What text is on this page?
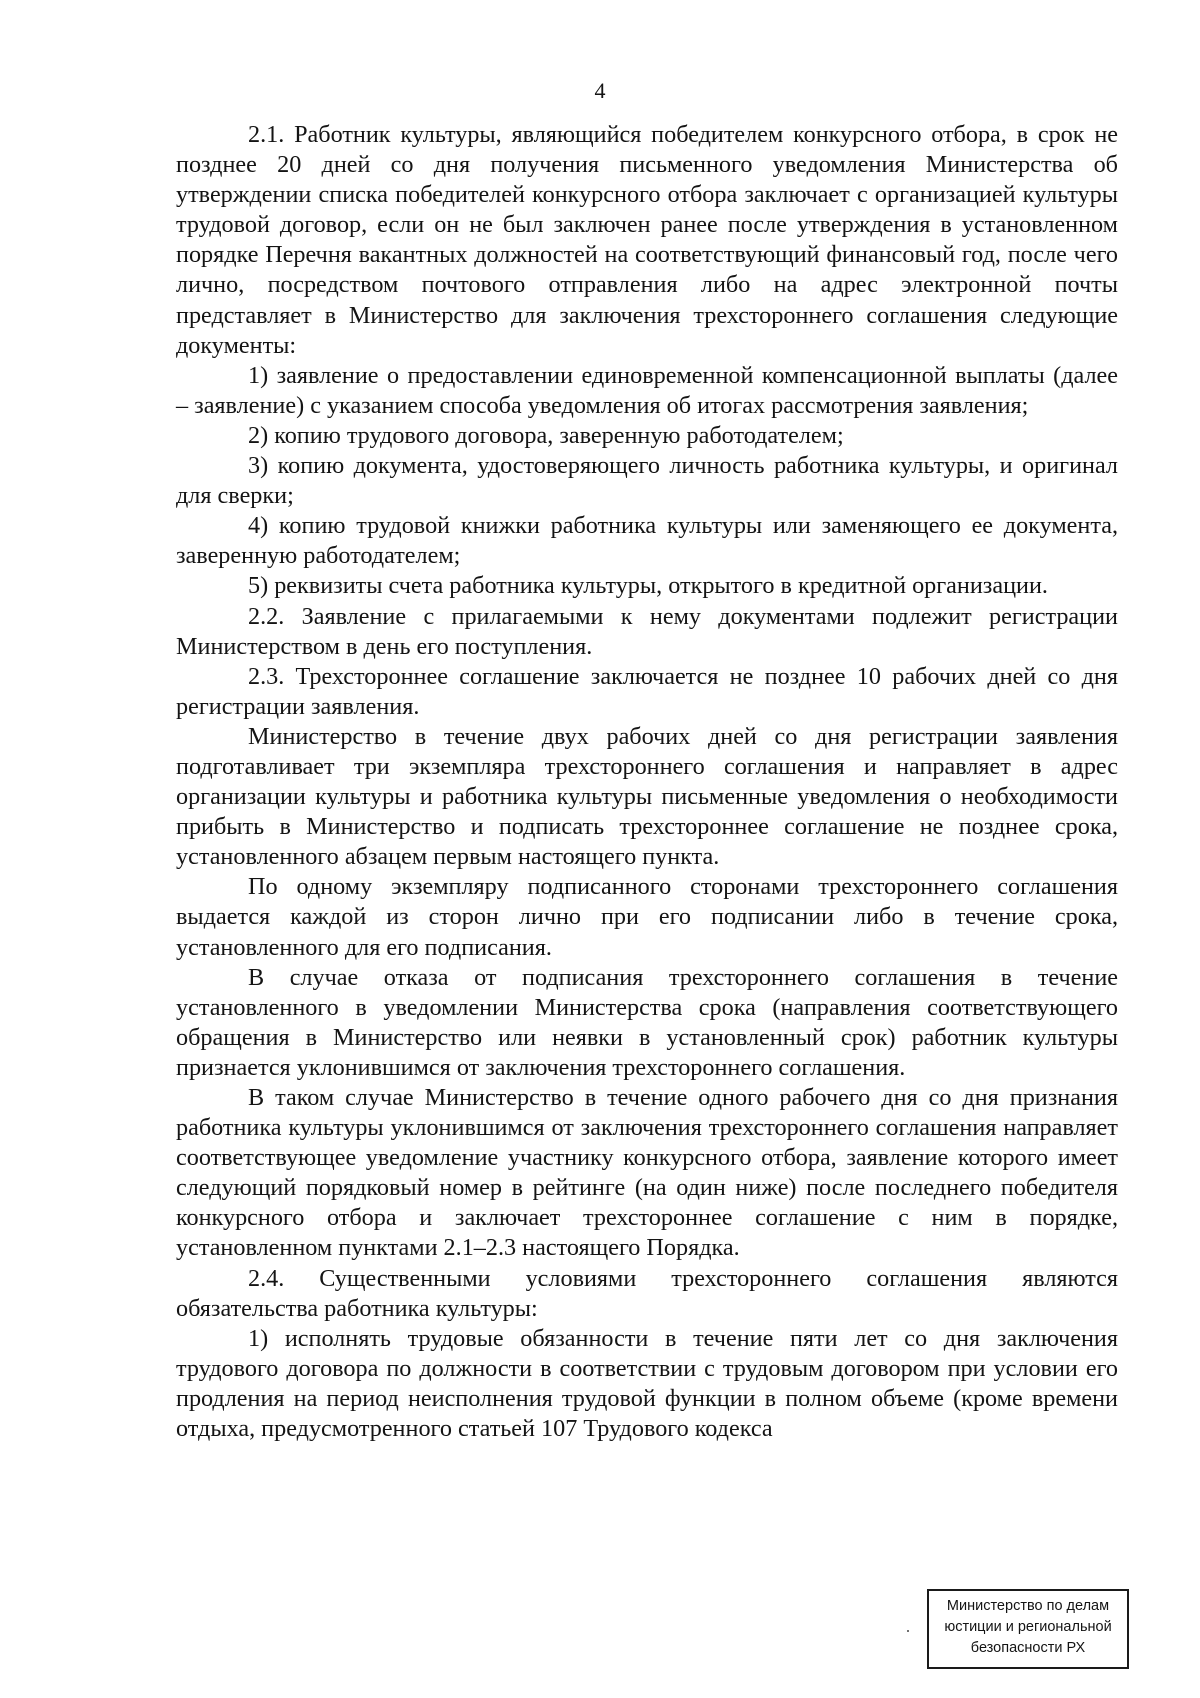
4

2.1. Работник культуры, являющийся победителем конкурсного отбора, в срок не позднее 20 дней со дня получения письменного уведомления Министерства об утверждении списка победителей конкурсного отбора заключает с организацией культуры трудовой договор, если он не был заключен ранее после утверждения в установленном порядке Перечня вакантных должностей на соответствующий финансовый год, после чего лично, посредством почтового отправления либо на адрес электронной почты представляет в Министерство для заключения трехстороннего соглашения следующие документы:

1) заявление о предоставлении единовременной компенсационной выплаты (далее – заявление) с указанием способа уведомления об итогах рассмотрения заявления;

2) копию трудового договора, заверенную работодателем;

3) копию документа, удостоверяющего личность работника культуры, и оригинал для сверки;

4) копию трудовой книжки работника культуры или заменяющего ее документа, заверенную работодателем;

5) реквизиты счета работника культуры, открытого в кредитной организации.

2.2. Заявление с прилагаемыми к нему документами подлежит регистрации Министерством в день его поступления.

2.3. Трехстороннее соглашение заключается не позднее 10 рабочих дней со дня регистрации заявления.

Министерство в течение двух рабочих дней со дня регистрации заявления подготавливает три экземпляра трехстороннего соглашения и направляет в адрес организации культуры и работника культуры письменные уведомления о необходимости прибыть в Министерство и подписать трехстороннее соглашение не позднее срока, установленного абзацем первым настоящего пункта.

По одному экземпляру подписанного сторонами трехстороннего соглашения выдается каждой из сторон лично при его подписании либо в течение срока, установленного для его подписания.

В случае отказа от подписания трехстороннего соглашения в течение установленного в уведомлении Министерства срока (направления соответствующего обращения в Министерство или неявки в установленный срок) работник культуры признается уклонившимся от заключения трехстороннего соглашения.

В таком случае Министерство в течение одного рабочего дня со дня признания работника культуры уклонившимся от заключения трехстороннего соглашения направляет соответствующее уведомление участнику конкурсного отбора, заявление которого имеет следующий порядковый номер в рейтинге (на один ниже) после последнего победителя конкурсного отбора и заключает трехстороннее соглашение с ним в порядке, установленном пунктами 2.1–2.3 настоящего Порядка.

2.4. Существенными условиями трехстороннего соглашения являются обязательства работника культуры:

1) исполнять трудовые обязанности в течение пяти лет со дня заключения трудового договора по должности в соответствии с трудовым договором при условии его продления на период неисполнения трудовой функции в полном объеме (кроме времени отдыха, предусмотренного статьей 107 Трудового кодекса

Министерство по делам
юстиции и региональной
безопасности РХ
